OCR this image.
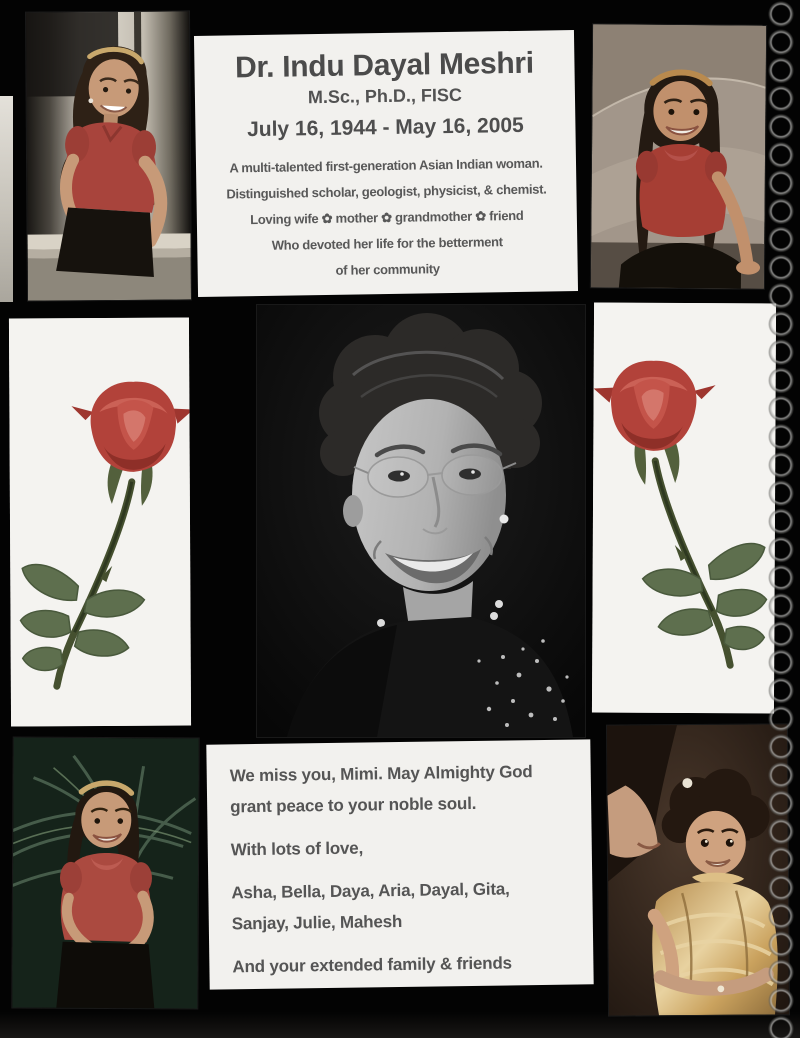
Dr. Indu Dayal Meshri
M.Sc., Ph.D., FISC
July 16, 1944 - May 16, 2005
A multi-talented first-generation Asian Indian woman.
Distinguished scholar, geologist, physicist, & chemist.
Loving wife ✿ mother ✿ grandmother ✿ friend
Who devoted her life for the betterment
of her community

We miss you, Mimi. May Almighty God
grant peace to your noble soul.

With lots of love,

Asha, Bella, Daya, Aria, Dayal, Gita,
Sanjay, Julie, Mahesh

And your extended family & friends
